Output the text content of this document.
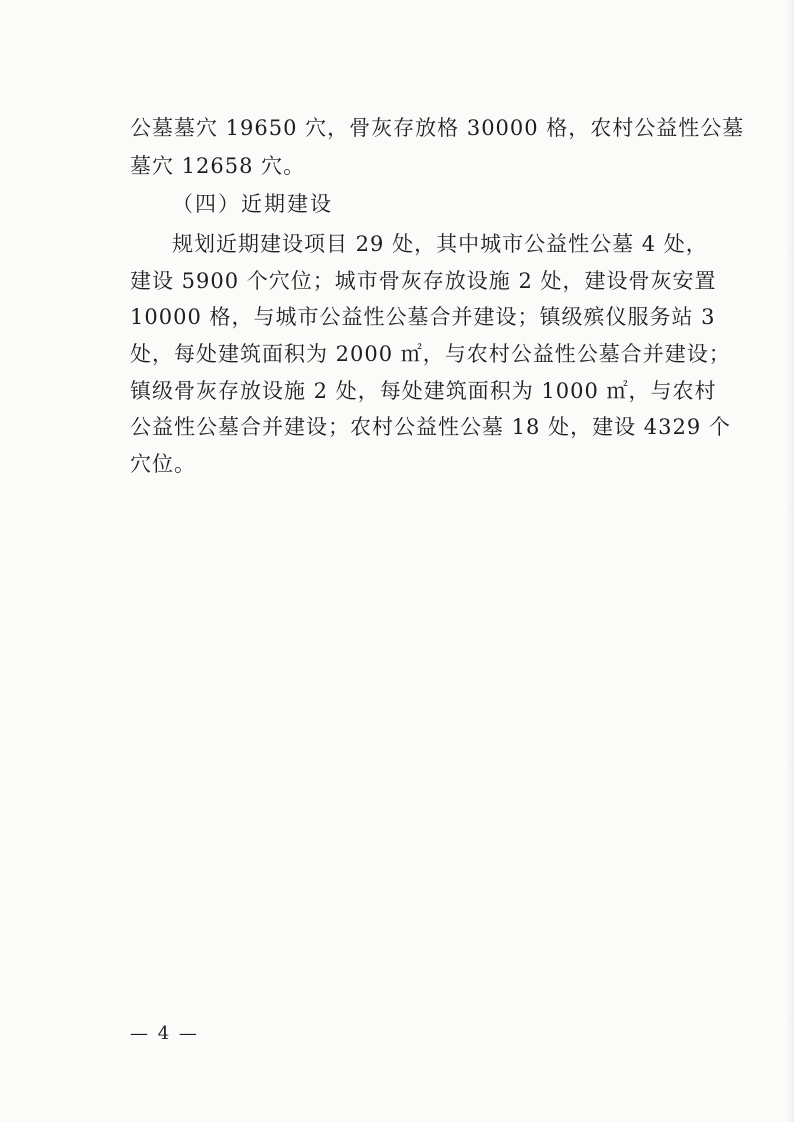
公墓墓穴 19650 穴，骨灰存放格 30000 格，农村公益性公墓
墓穴 12658 穴。
（四）近期建设
规划近期建设项目 29 处，其中城市公益性公墓 4 处，
建设 5900 个穴位；城市骨灰存放设施 2 处，建设骨灰安置
10000 格，与城市公益性公墓合并建设；镇级殡仪服务站 3
处，每处建筑面积为 2000 ㎡，与农村公益性公墓合并建设；
镇级骨灰存放设施 2 处，每处建筑面积为 1000 ㎡，与农村
公益性公墓合并建设；农村公益性公墓 18 处，建设 4329 个
穴位。
— 4 —
